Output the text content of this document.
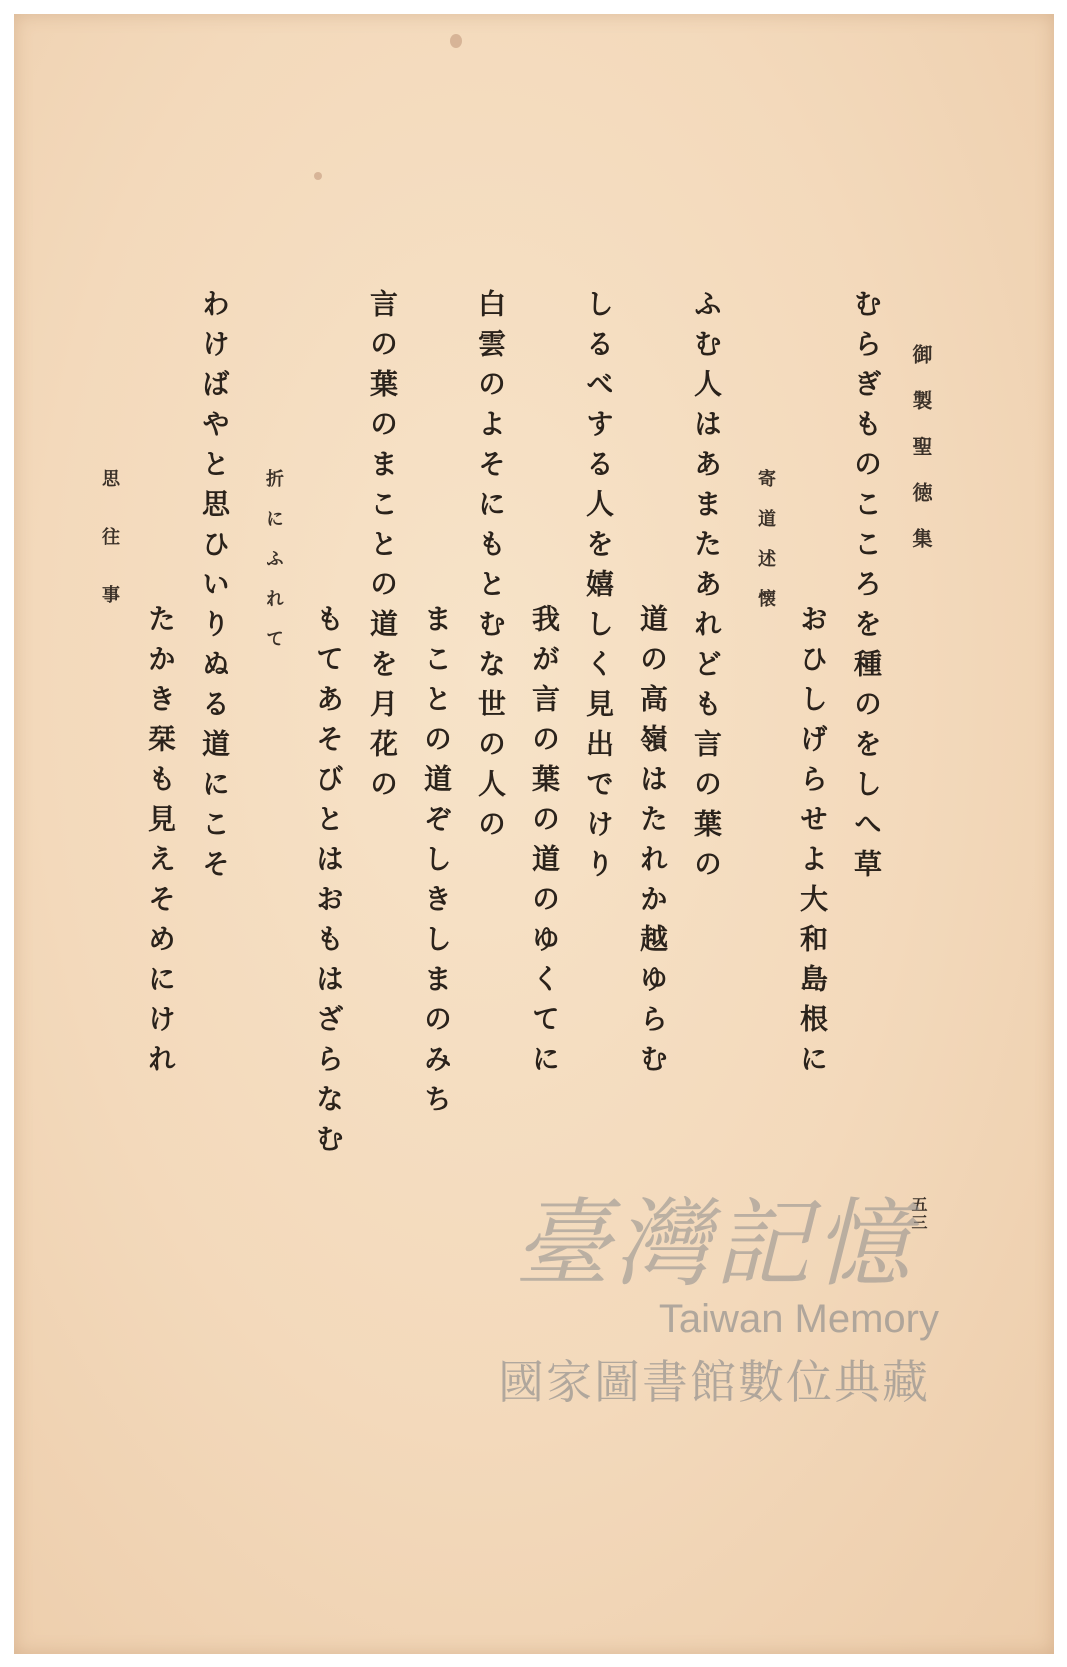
御製聖徳集
むらぎものこころを種のをしへ草
おひしげらせよ大和島根に
寄道述懐
ふむ人はあまたあれども言の葉の
道の高嶺はたれか越ゆらむ
しるべする人を嬉しく見出でけり
我が言の葉の道のゆくてに
白雲のよそにもとむな世の人の
まことの道ぞしきしまのみち
言の葉のまことの道を月花の
もてあそびとはおもはざらなむ
折にふれて
わけばやと思ひいりぬる道にこそ
たかき栞も見えそめにけれ
思往事
五三
臺灣記憶
Taiwan Memory
國家圖書館數位典藏
